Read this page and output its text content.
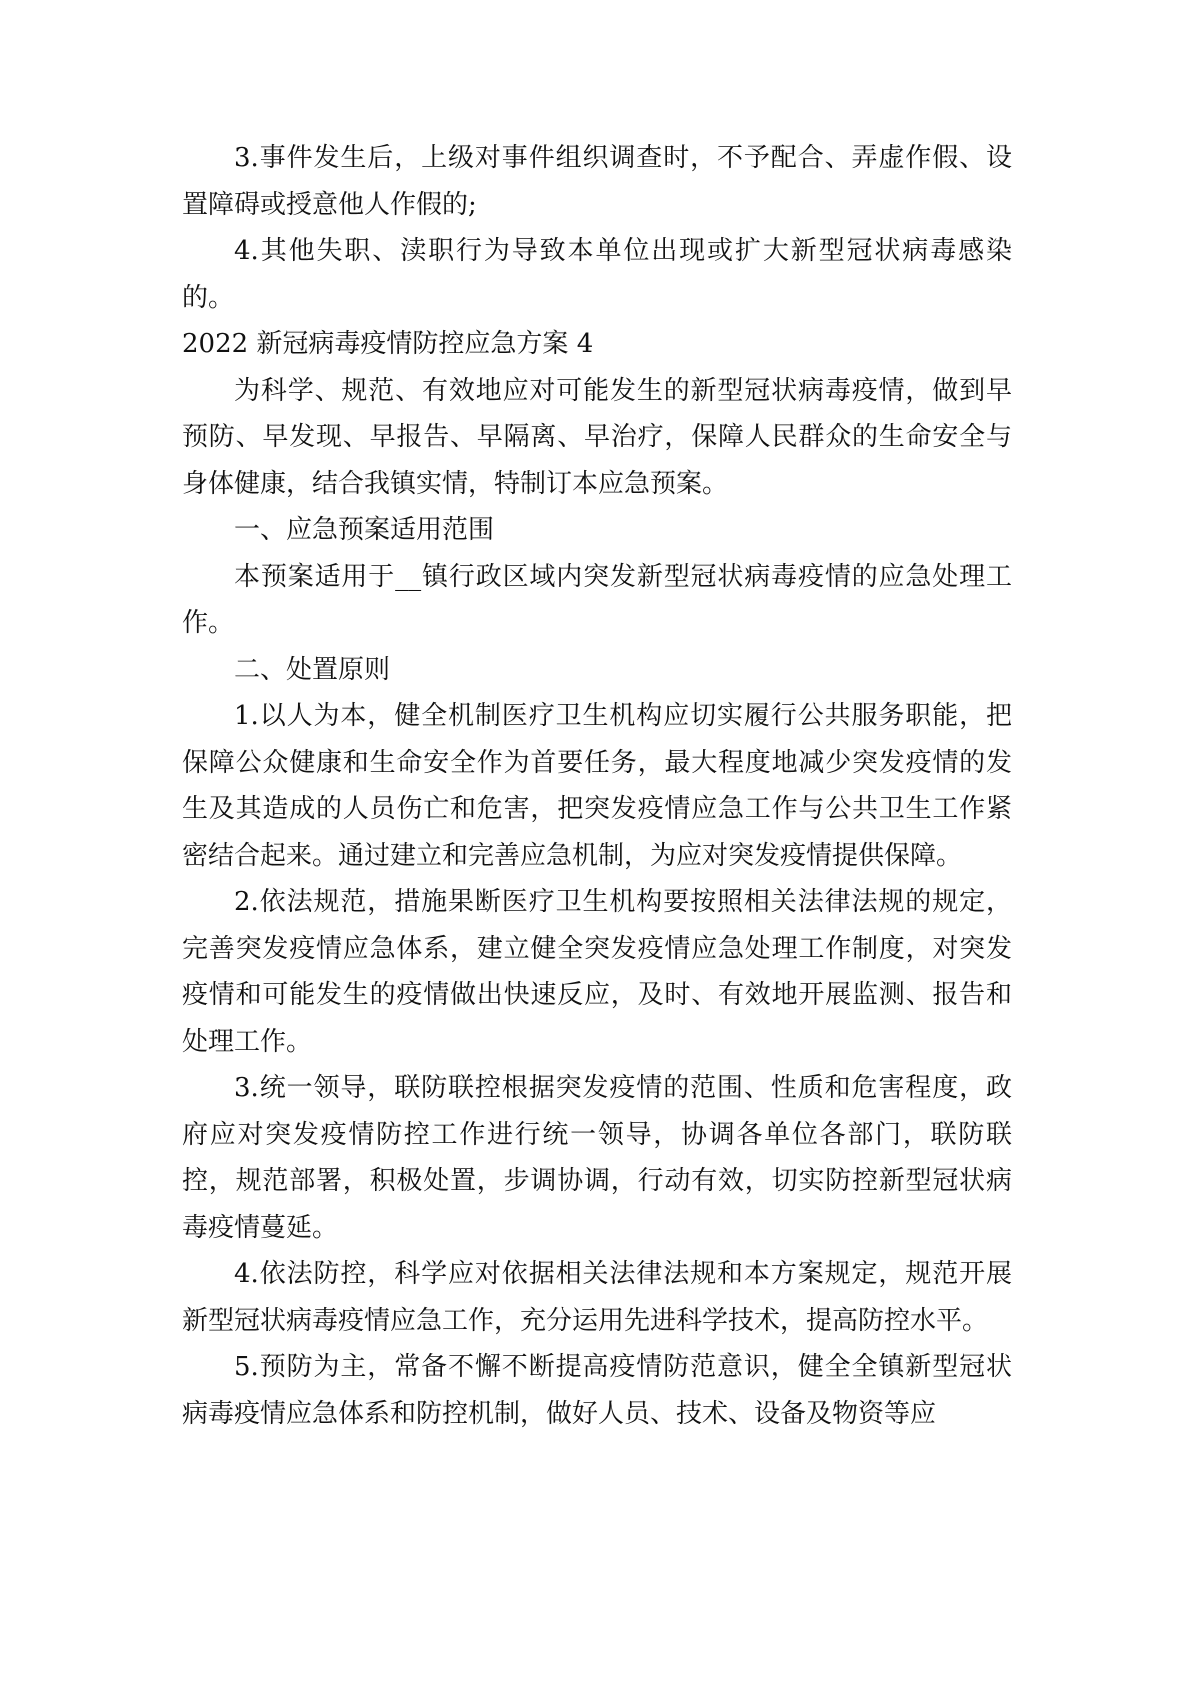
3.事件发生后，上级对事件组织调查时，不予配合、弄虚作假、设置障碍或授意他人作假的;

4.其他失职、渎职行为导致本单位出现或扩大新型冠状病毒感染的。

2022 新冠病毒疫情防控应急方案 4

为科学、规范、有效地应对可能发生的新型冠状病毒疫情，做到早预防、早发现、早报告、早隔离、早治疗，保障人民群众的生命安全与身体健康，结合我镇实情，特制订本应急预案。

一、应急预案适用范围

本预案适用于__镇行政区域内突发新型冠状病毒疫情的应急处理工作。

二、处置原则

1.以人为本，健全机制医疗卫生机构应切实履行公共服务职能，把保障公众健康和生命安全作为首要任务，最大程度地减少突发疫情的发生及其造成的人员伤亡和危害，把突发疫情应急工作与公共卫生工作紧密结合起来。通过建立和完善应急机制，为应对突发疫情提供保障。

2.依法规范，措施果断医疗卫生机构要按照相关法律法规的规定，完善突发疫情应急体系，建立健全突发疫情应急处理工作制度，对突发疫情和可能发生的疫情做出快速反应，及时、有效地开展监测、报告和处理工作。

3.统一领导，联防联控根据突发疫情的范围、性质和危害程度，政府应对突发疫情防控工作进行统一领导，协调各单位各部门，联防联控，规范部署，积极处置，步调协调，行动有效，切实防控新型冠状病毒疫情蔓延。

4.依法防控，科学应对依据相关法律法规和本方案规定，规范开展新型冠状病毒疫情应急工作，充分运用先进科学技术，提高防控水平。

5.预防为主，常备不懈不断提高疫情防范意识，健全全镇新型冠状病毒疫情应急体系和防控机制，做好人员、技术、设备及物资等应
